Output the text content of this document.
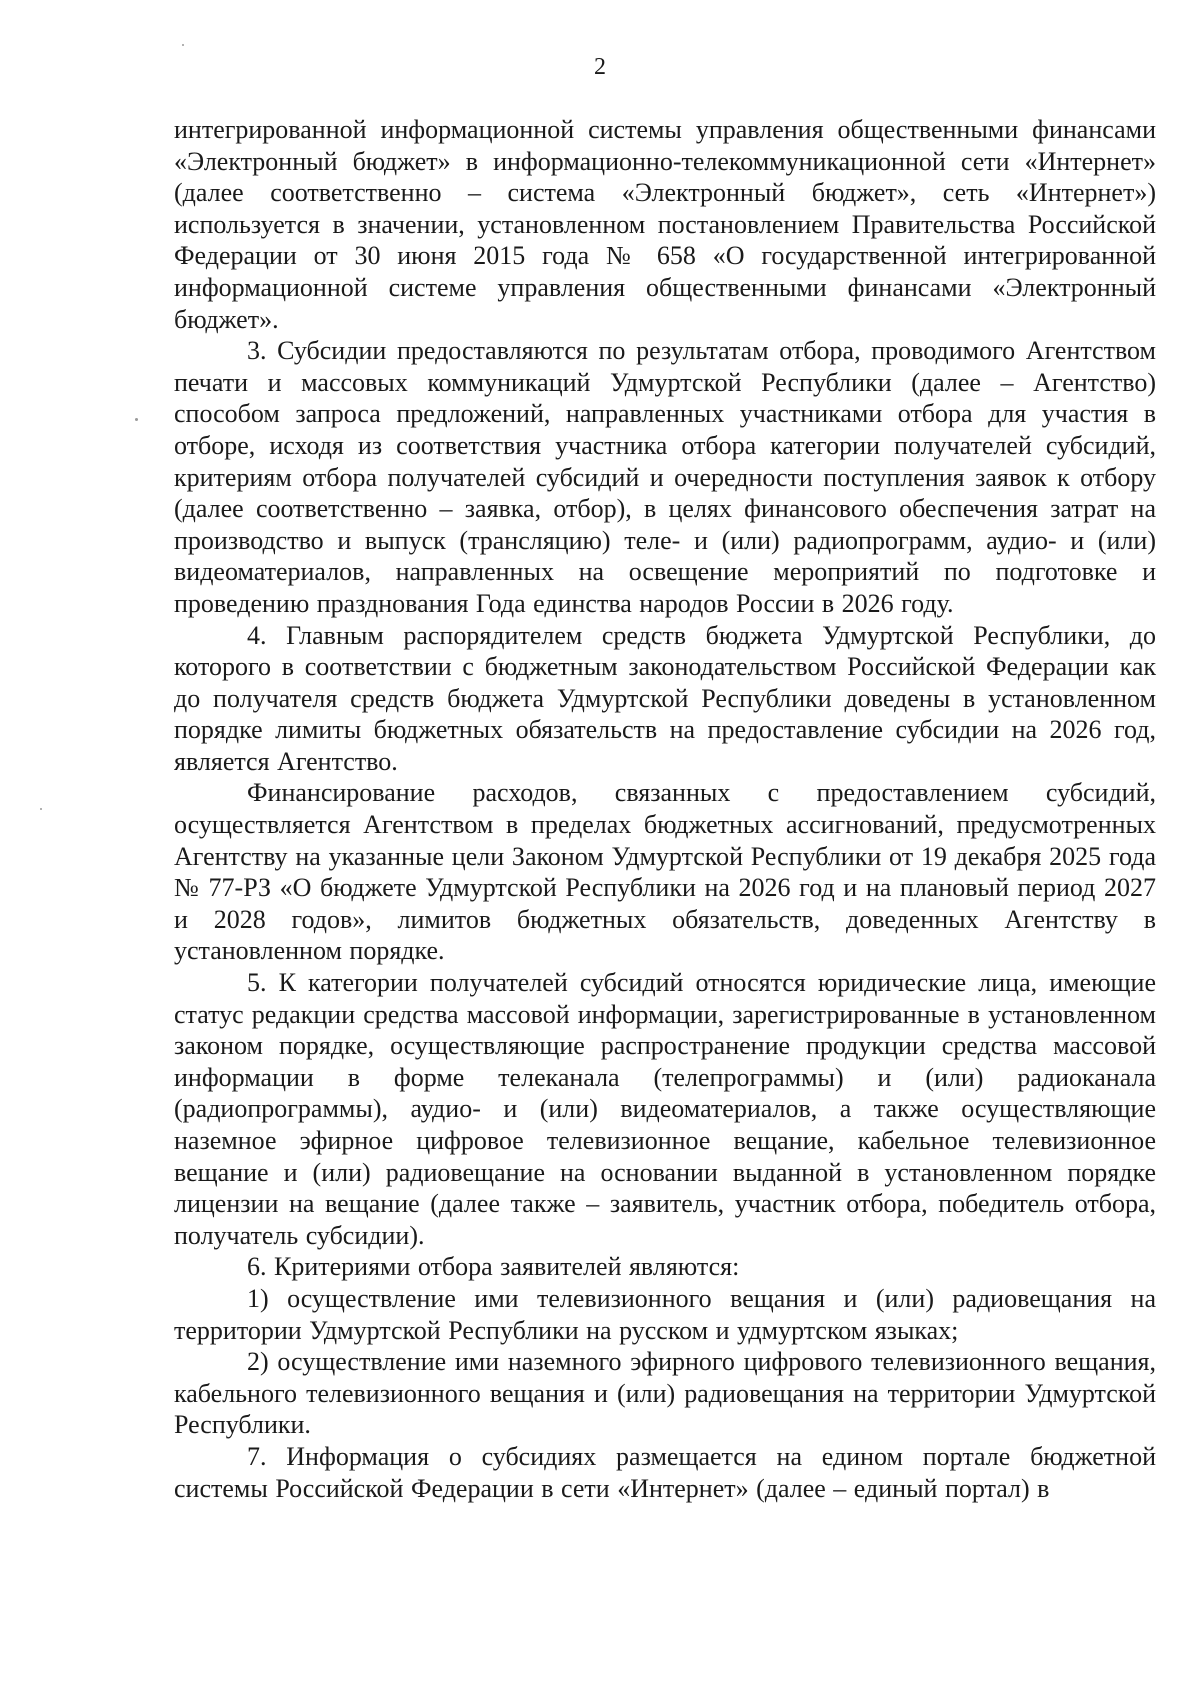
2

интегрированной информационной системы управления общественными финансами «Электронный бюджет» в информационно-телекоммуникационной сети «Интернет» (далее соответственно – система «Электронный бюджет», сеть «Интернет») используется в значении, установленном постановлением Правительства Российской Федерации от 30 июня 2015 года № 658 «О государственной интегрированной информационной системе управления общественными финансами «Электронный бюджет».

3. Субсидии предоставляются по результатам отбора, проводимого Агентством печати и массовых коммуникаций Удмуртской Республики (далее – Агентство) способом запроса предложений, направленных участниками отбора для участия в отборе, исходя из соответствия участника отбора категории получателей субсидий, критериям отбора получателей субсидий и очередности поступления заявок к отбору (далее соответственно – заявка, отбор), в целях финансового обеспечения затрат на производство и выпуск (трансляцию) теле- и (или) радиопрограмм, аудио- и (или) видеоматериалов, направленных на освещение мероприятий по подготовке и проведению празднования Года единства народов России в 2026 году.

4. Главным распорядителем средств бюджета Удмуртской Республики, до которого в соответствии с бюджетным законодательством Российской Федерации как до получателя средств бюджета Удмуртской Республики доведены в установленном порядке лимиты бюджетных обязательств на предоставление субсидии на 2026 год, является Агентство.

Финансирование расходов, связанных с предоставлением субсидий, осуществляется Агентством в пределах бюджетных ассигнований, предусмотренных Агентству на указанные цели Законом Удмуртской Республики от 19 декабря 2025 года № 77-РЗ «О бюджете Удмуртской Республики на 2026 год и на плановый период 2027 и 2028 годов», лимитов бюджетных обязательств, доведенных Агентству в установленном порядке.

5. К категории получателей субсидий относятся юридические лица, имеющие статус редакции средства массовой информации, зарегистрированные в установленном законом порядке, осуществляющие распространение продукции средства массовой информации в форме телеканала (телепрограммы) и (или) радиоканала (радиопрограммы), аудио- и (или) видеоматериалов, а также осуществляющие наземное эфирное цифровое телевизионное вещание, кабельное телевизионное вещание и (или) радиовещание на основании выданной в установленном порядке лицензии на вещание (далее также – заявитель, участник отбора, победитель отбора, получатель субсидии).

6. Критериями отбора заявителей являются:

1) осуществление ими телевизионного вещания и (или) радиовещания на территории Удмуртской Республики на русском и удмуртском языках;

2) осуществление ими наземного эфирного цифрового телевизионного вещания, кабельного телевизионного вещания и (или) радиовещания на территории Удмуртской Республики.

7. Информация о субсидиях размещается на едином портале бюджетной системы Российской Федерации в сети «Интернет» (далее – единый портал) в
